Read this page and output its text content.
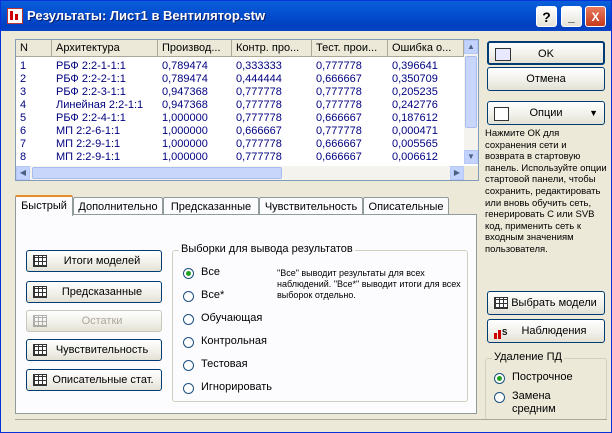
Результаты: Лист1 в Вентилятор.stw	?	_	X
N	Архитектура	Производ...	Контр. про...	Тест. прои...	Ошибка о...
1	РБФ 2:2-1-1:1	0,789474	0,333333	0,777778	0,396641
2	РБФ 2:2-2-1:1	0,789474	0,444444	0,666667	0,350709
3	РБФ 2:2-3-1:1	0,947368	0,777778	0,777778	0,205235
4	Линейная 2:2-1:1	0,947368	0,777778	0,777778	0,242776
5	РБФ 2:2-4-1:1	1,000000	0,777778	0,666667	0,187612
6	МП 2:2-6-1:1	1,000000	0,666667	0,777778	0,000471
7	МП 2:2-9-1:1	1,000000	0,777778	0,666667	0,005565
8	МП 2:2-9-1:1	1,000000	0,777778	0,666667	0,006612
▲
▼
◀	▶
Быстрый	Дополнительно	Предсказанные	Чувствительность	Описательные
Итоги моделей
Предсказанные
Остатки
Чувствительность
Описательные стат.
Выборки для вывода результатов
Все
Все*
Обучающая
Контрольная
Тестовая
Игнорировать
"Все" выводит результаты для всех наблюдений. "Все*" выводит итоги для всех выборок отдельно.
OK
Отмена
Опции	▼
Нажмите ОК для сохранения сети и возврата в стартовую панель. Используйте опции стартовой панели, чтобы сохранить, редактировать или вновь обучить сеть, генерировать С или SVB код, применить сеть к входным значениям пользователя.
Выбрать модели
S Наблюдения
Удаление ПД
Построчное
Замена средним
